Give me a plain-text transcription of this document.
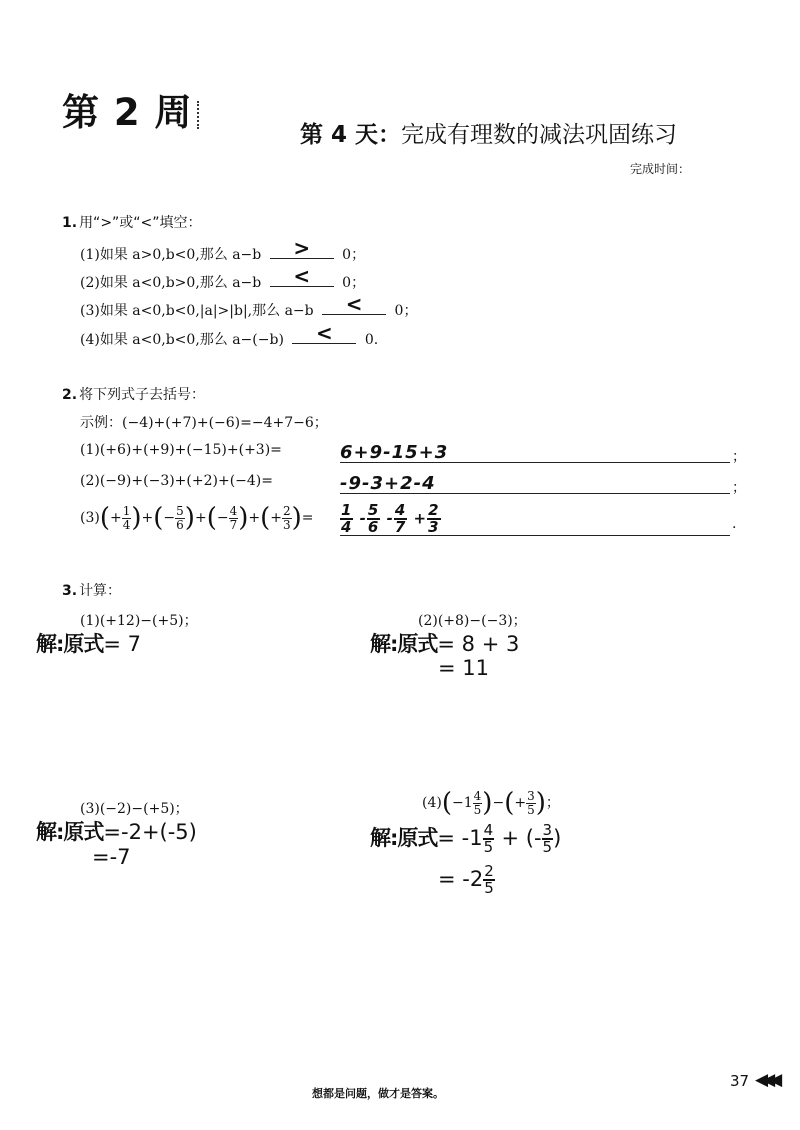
第 2 周
第 4 天：完成有理数的减法巩固练习
完成时间：
1. 用“>”或“<”填空：
(1)如果 a>0,b<0,那么 a−b	>	0；
(2)如果 a<0,b>0,那么 a−b	<	0；
(3)如果 a<0,b<0,|a|>|b|,那么 a−b	<	0；
(4)如果 a<0,b<0,那么 a−(−b)	<	0.
2. 将下列式子去括号：
示例：(−4)+(+7)+(−6)=−4+7−6；
(1)(+6)+(+9)+(−15)+(+3)=	6+9-15+3	；
(2)(−9)+(−3)+(+2)+(−4)=	-9-3+2-4	；
$(3)(+ \frac{1}{4}$ )+(− $\frac{5}{6}$ )+(− $\frac{4}{7}$ )+(+ $\frac{2}{3}$ )= $\frac{1}{4} - \frac{5}{6} - \frac{4}{7} + \frac{2}{3}$	.
3. 计算：
(1)(+12)−(+5)；
解:原式= 7
(2)(+8)−(−3)；
解:原式= 8 + 3
= 11
(3)(−2)−(+5)；
解:原式=-2+(-5)
=-7
$(4)(-1 \frac{4}{5}$ )−(+ $\frac{3}{5}$ )；
解:原式= $-1 \frac{4}{5}$ + (- $\frac{3}{5}$ )
= $-2 \frac{2}{5}$
想都是问题，做才是答案。
37 ◀◀◀
